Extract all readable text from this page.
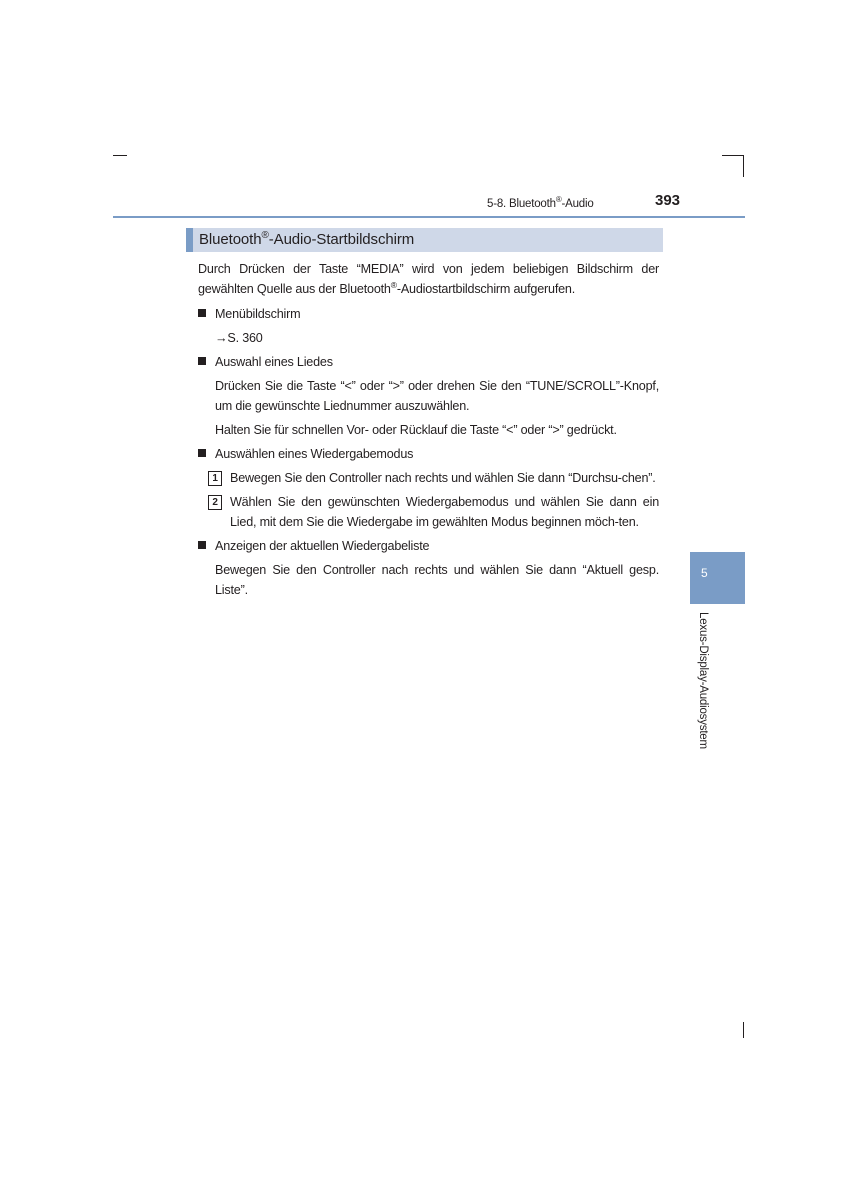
5-8. Bluetooth®-Audio	393
Bluetooth®-Audio-Startbildschirm

Durch Drücken der Taste “MEDIA” wird von jedem beliebigen Bildschirm der gewählten Quelle aus der Bluetooth®-Audiostartbildschirm aufgerufen.

Menübildschirm

→S. 360

Auswahl eines Liedes

Drücken Sie die Taste “<” oder “>” oder drehen Sie den “TUNE/SCROLL”-Knopf, um die gewünschte Liednummer auszuwählen.

Halten Sie für schnellen Vor- oder Rücklauf die Taste “<” oder “>” gedrückt.

Auswählen eines Wiedergabemodus
1 Bewegen Sie den Controller nach rechts und wählen Sie dann “Durchsu-chen”.
2 Wählen Sie den gewünschten Wiedergabemodus und wählen Sie dann ein Lied, mit dem Sie die Wiedergabe im gewählten Modus beginnen möch-ten.
Anzeigen der aktuellen Wiedergabeliste

Bewegen Sie den Controller nach rechts und wählen Sie dann “Aktuell gesp. Liste”.

5
Lexus-Display-Audiosystem
